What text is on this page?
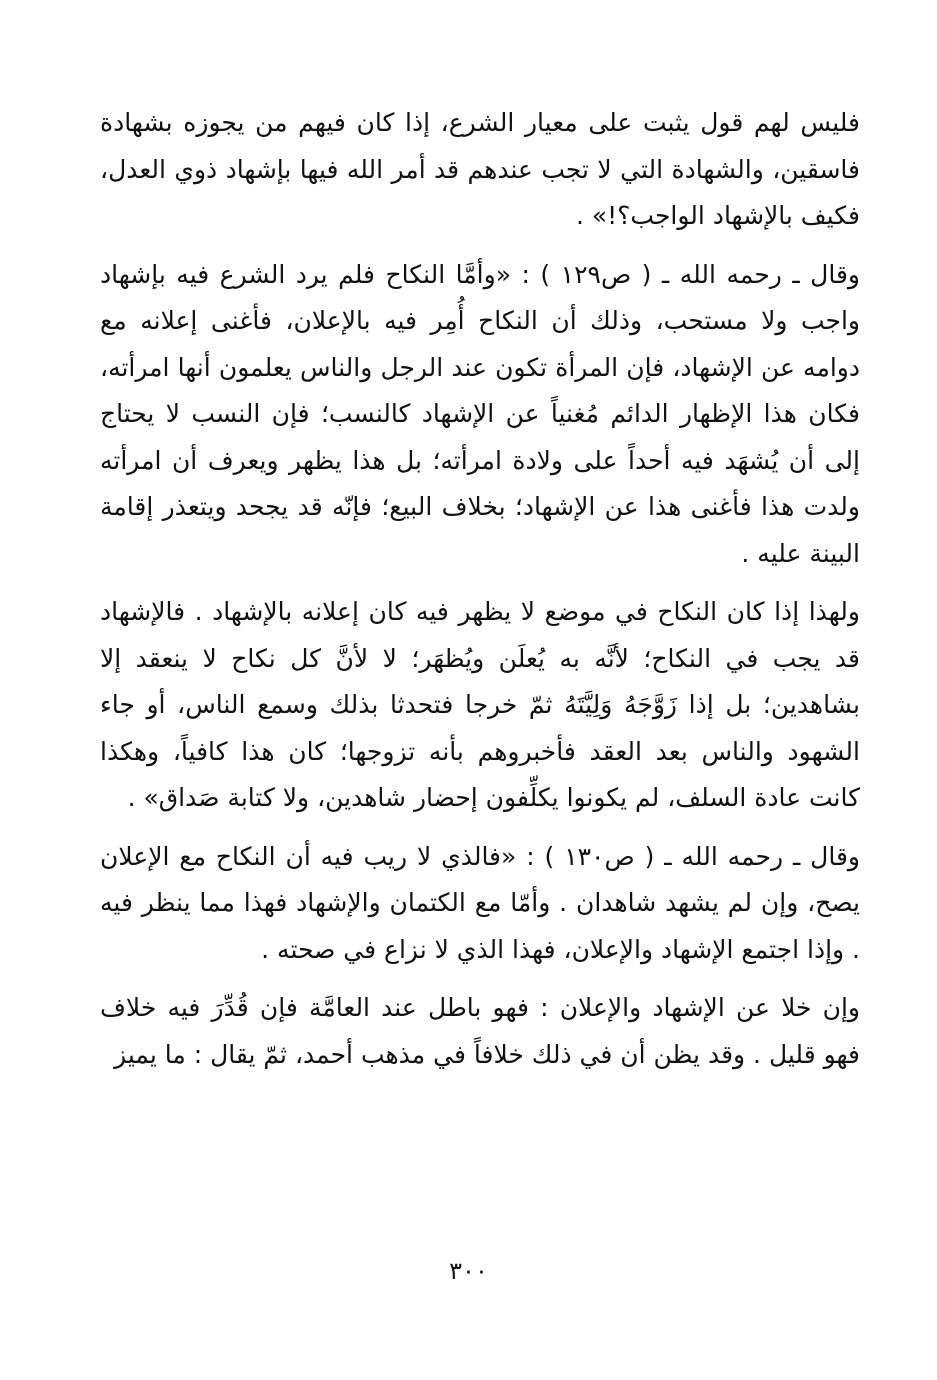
فليس لهم قول يثبت على معيار الشرع، إذا كان فيهم من يجوزه بشهادة فاسقين، والشهادة التي لا تجب عندهم قد أمر الله فيها بإشهاد ذوي العدل، فكيف بالإشهاد الواجب؟!» .

وقال ـ رحمه الله ـ ( ص١٢٩ ) : «وأمَّا النكاح فلم يرد الشرع فيه بإشهاد واجب ولا مستحب، وذلك أن النكاح أُمِر فيه بالإعلان، فأغنى إعلانه مع دوامه عن الإشهاد، فإن المرأة تكون عند الرجل والناس يعلمون أنها امرأته، فكان هذا الإظهار الدائم مُغنياً عن الإشهاد كالنسب؛ فإن النسب لا يحتاج إلى أن يُشهَد فيه أحداً على ولادة امرأته؛ بل هذا يظهر ويعرف أن امرأته ولدت هذا فأغنى هذا عن الإشهاد؛ بخلاف البيع؛ فإنّه قد يجحد ويتعذر إقامة البينة عليه .

ولهذا إذا كان النكاح في موضع لا يظهر فيه كان إعلانه بالإشهاد . فالإشهاد قد يجب في النكاح؛ لأنَّه به يُعلَن ويُظهَر؛ لا لأنَّ كل نكاح لا ينعقد إلا بشاهدين؛ بل إذا زَوَّجَهُ وَلِيَّتَهُ ثمّ خرجا فتحدثا بذلك وسمع الناس، أو جاء الشهود والناس بعد العقد فأخبروهم بأنه تزوجها؛ كان هذا كافياً، وهكذا كانت عادة السلف، لم يكونوا يكلِّفون إحضار شاهدين، ولا كتابة صَداق» .

وقال ـ رحمه الله ـ ( ص١٣٠ ) : «فالذي لا ريب فيه أن النكاح مع الإعلان يصح، وإن لم يشهد شاهدان . وأمّا مع الكتمان والإشهاد فهذا مما ينظر فيه . وإذا اجتمع الإشهاد والإعلان، فهذا الذي لا نزاع في صحته .

وإن خلا عن الإشهاد والإعلان : فهو باطل عند العامَّة فإن قُدِّرَ فيه خلاف فهو قليل . وقد يظن أن في ذلك خلافاً في مذهب أحمد، ثمّ يقال : ما يميز

٣٠٠
